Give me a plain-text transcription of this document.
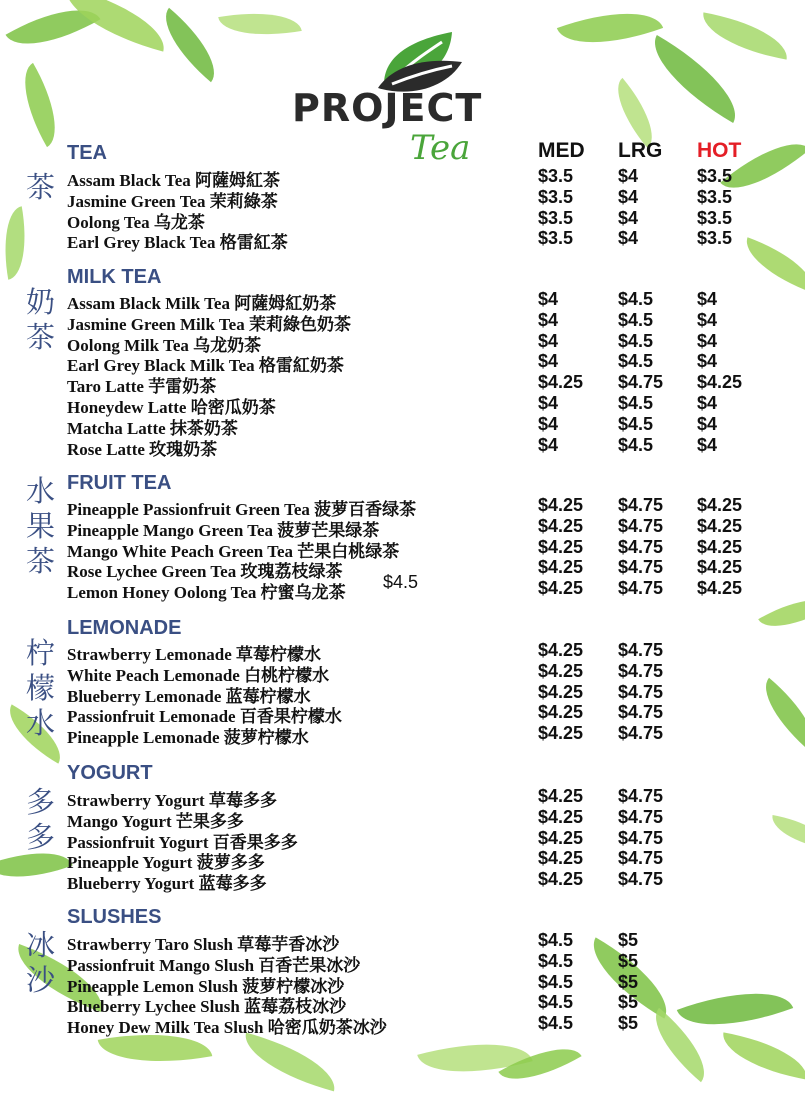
PROJECT
Tea	MED LRG HOT
TEA
茶 Assam Black Tea 阿薩姆紅茶	$3.5 $4	$3.5
Jasmine Green Tea 茉莉綠茶	$3.5 $4	$3.5
Oolong Tea 乌龙茶	$3.5 $4	$3.5
Earl Grey Black Tea 格雷紅茶	$3.5 $4	$3.5
MILK TEA
奶
茶
Assam Black Milk Tea 阿薩姆紅奶茶	$4	$4.5 $4
Jasmine Green Milk Tea 茉莉綠色奶茶	$4	$4.5 $4
Oolong Milk Tea 乌龙奶茶	$4	$4.5 $4
Earl Grey Black Milk Tea 格雷紅奶茶	$4	$4.5 $4
Taro Latte 芋雷奶茶	$4.25 $4.75 $4.25
Honeydew Latte 哈密瓜奶茶	$4	$4.5 $4
Matcha Latte 抹茶奶茶	$4	$4.5 $4
Rose Latte 玫瑰奶茶	$4	$4.5 $4
FRUIT TEA
水
果
茶
Pineapple Passionfruit Green Tea 菠萝百香绿茶	$4.25 $4.75 $4.25
Pineapple Mango Green Tea 菠萝芒果绿茶	$4.25 $4.75 $4.25
Mango White Peach Green Tea 芒果白桃绿茶	$4.25 $4.75 $4.25
Rose Lychee Green Tea 玫瑰荔枝绿茶	$4.25 $4.75 $4.25
Lemon Honey Oolong Tea 柠蜜乌龙茶	$4.25 $4.75 $4.25
LEMONADE
柠
檬
水
Strawberry Lemonade 草莓柠檬水	$4.25 $4.75
White Peach Lemonade 白桃柠檬水	$4.25 $4.75
Blueberry Lemonade 蓝莓柠檬水	$4.25 $4.75
Passionfruit Lemonade 百香果柠檬水	$4.25 $4.75
Pineapple Lemonade 菠萝柠檬水	$4.25 $4.75
YOGURT
多
多
Strawberry Yogurt 草莓多多	$4.25 $4.75
Mango Yogurt 芒果多多	$4.25 $4.75
Passionfruit Yogurt 百香果多多	$4.25 $4.75
Pineapple Yogurt 菠萝多多	$4.25 $4.75
Blueberry Yogurt 蓝莓多多	$4.25 $4.75
SLUSHES
冰
沙
Strawberry Taro Slush 草莓芋香冰沙	$4.5 $5
Passionfruit Mango Slush 百香芒果冰沙	$4.5 $5
Pineapple Lemon Slush 菠萝柠檬冰沙	$4.5 $5
Blueberry Lychee Slush 蓝莓荔枝冰沙	$4.5 $5
Honey Dew Milk Tea Slush 哈密瓜奶茶冰沙	$4.5 $5
$4.5
